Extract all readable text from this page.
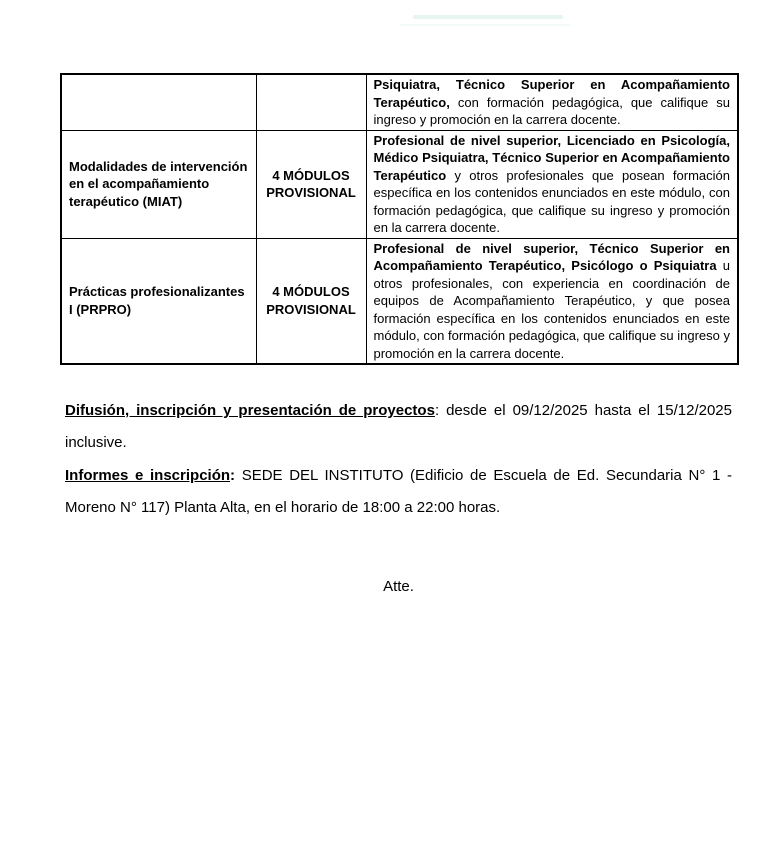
		Psiquiatra, Técnico Superior en Acompañamiento Terapéutico, con formación pedagógica, que califique su ingreso y promoción en la carrera docente.
Modalidades de intervención en el acompañamiento terapéutico (MIAT)	4 MÓDULOS PROVISIONAL	Profesional de nivel superior, Licenciado en Psicología, Médico Psiquiatra, Técnico Superior en Acompañamiento Terapéutico y otros profesionales que posean formación específica en los contenidos enunciados en este módulo, con formación pedagógica, que califique su ingreso y promoción en la carrera docente.
Prácticas profesionalizantes I (PRPRO)	4 MÓDULOS PROVISIONAL	Profesional de nivel superior, Técnico Superior en Acompañamiento Terapéutico, Psicólogo o Psiquiatra u otros profesionales, con experiencia en coordinación de equipos de Acompañamiento Terapéutico, y que posea formación específica en los contenidos enunciados en este módulo, con formación pedagógica, que califique su ingreso y promoción en la carrera docente.

Difusión, inscripción y presentación de proyectos: desde el 09/12/2025 hasta el 15/12/2025 inclusive.

Informes e inscripción: SEDE DEL INSTITUTO (Edificio de Escuela de Ed. Secundaria N° 1 - Moreno N° 117) Planta Alta, en el horario de 18:00 a 22:00 horas.

Atte.
